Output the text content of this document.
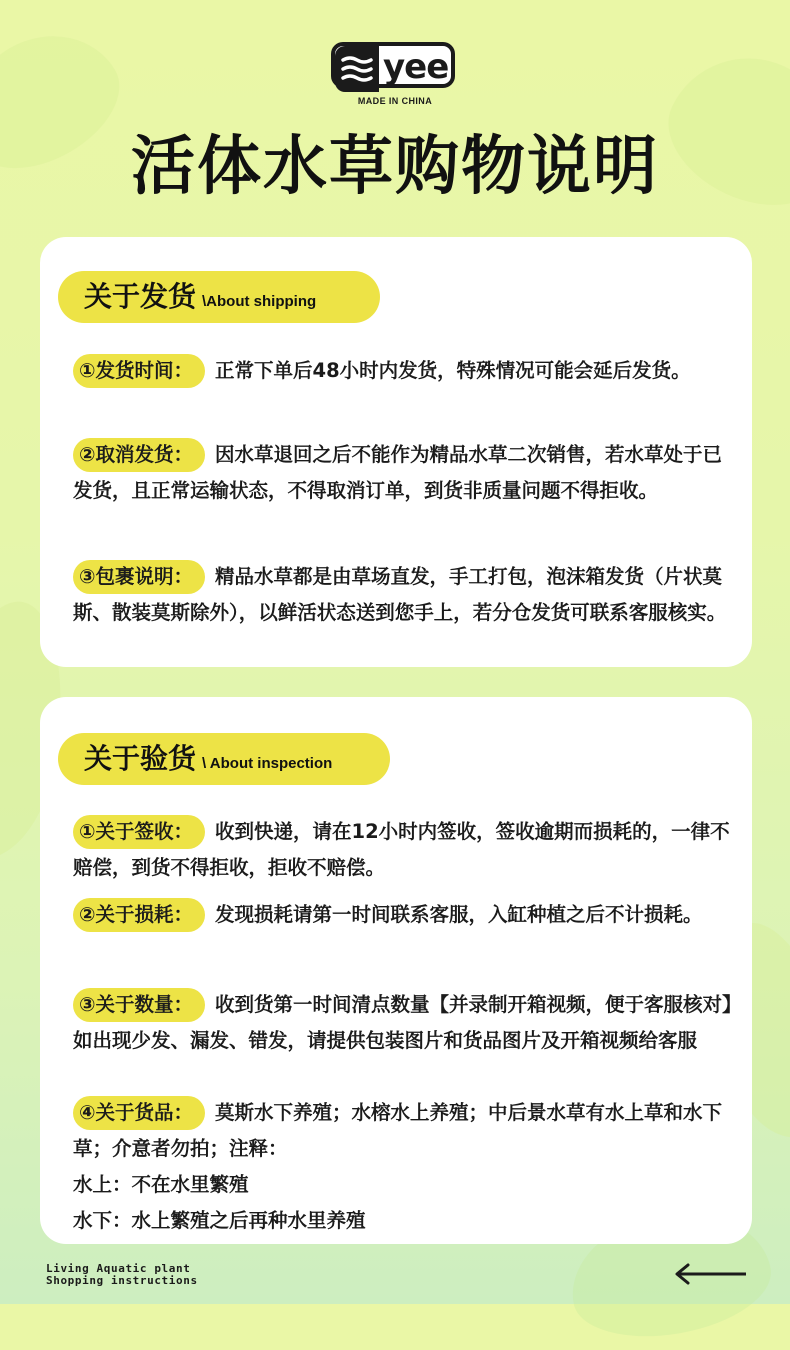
yee
MADE IN CHINA
活体水草购物说明
关于发货 \About shipping

①发货时间： 正常下单后48小时内发货，特殊情况可能会延后发货。

②取消发货： 因水草退回之后不能作为精品水草二次销售，若水草处于已发货，且正常运输状态，不得取消订单，到货非质量问题不得拒收。

③包裹说明： 精品水草都是由草场直发，手工打包，泡沫箱发货（片状莫斯、散装莫斯除外），以鲜活状态送到您手上，若分仓发货可联系客服核实。

关于验货 \ About inspection

①关于签收： 收到快递，请在12小时内签收，签收逾期而损耗的，一律不赔偿，到货不得拒收，拒收不赔偿。

②关于损耗： 发现损耗请第一时间联系客服，入缸种植之后不计损耗。

③关于数量： 收到货第一时间清点数量【并录制开箱视频，便于客服核对】如出现少发、漏发、错发，请提供包装图片和货品图片及开箱视频给客服

④关于货品： 莫斯水下养殖；水榕水上养殖；中后景水草有水上草和水下草；介意者勿拍；注释：
水上：不在水里繁殖
水下：水上繁殖之后再种水里养殖
Living Aquatic plant
Shopping instructions
